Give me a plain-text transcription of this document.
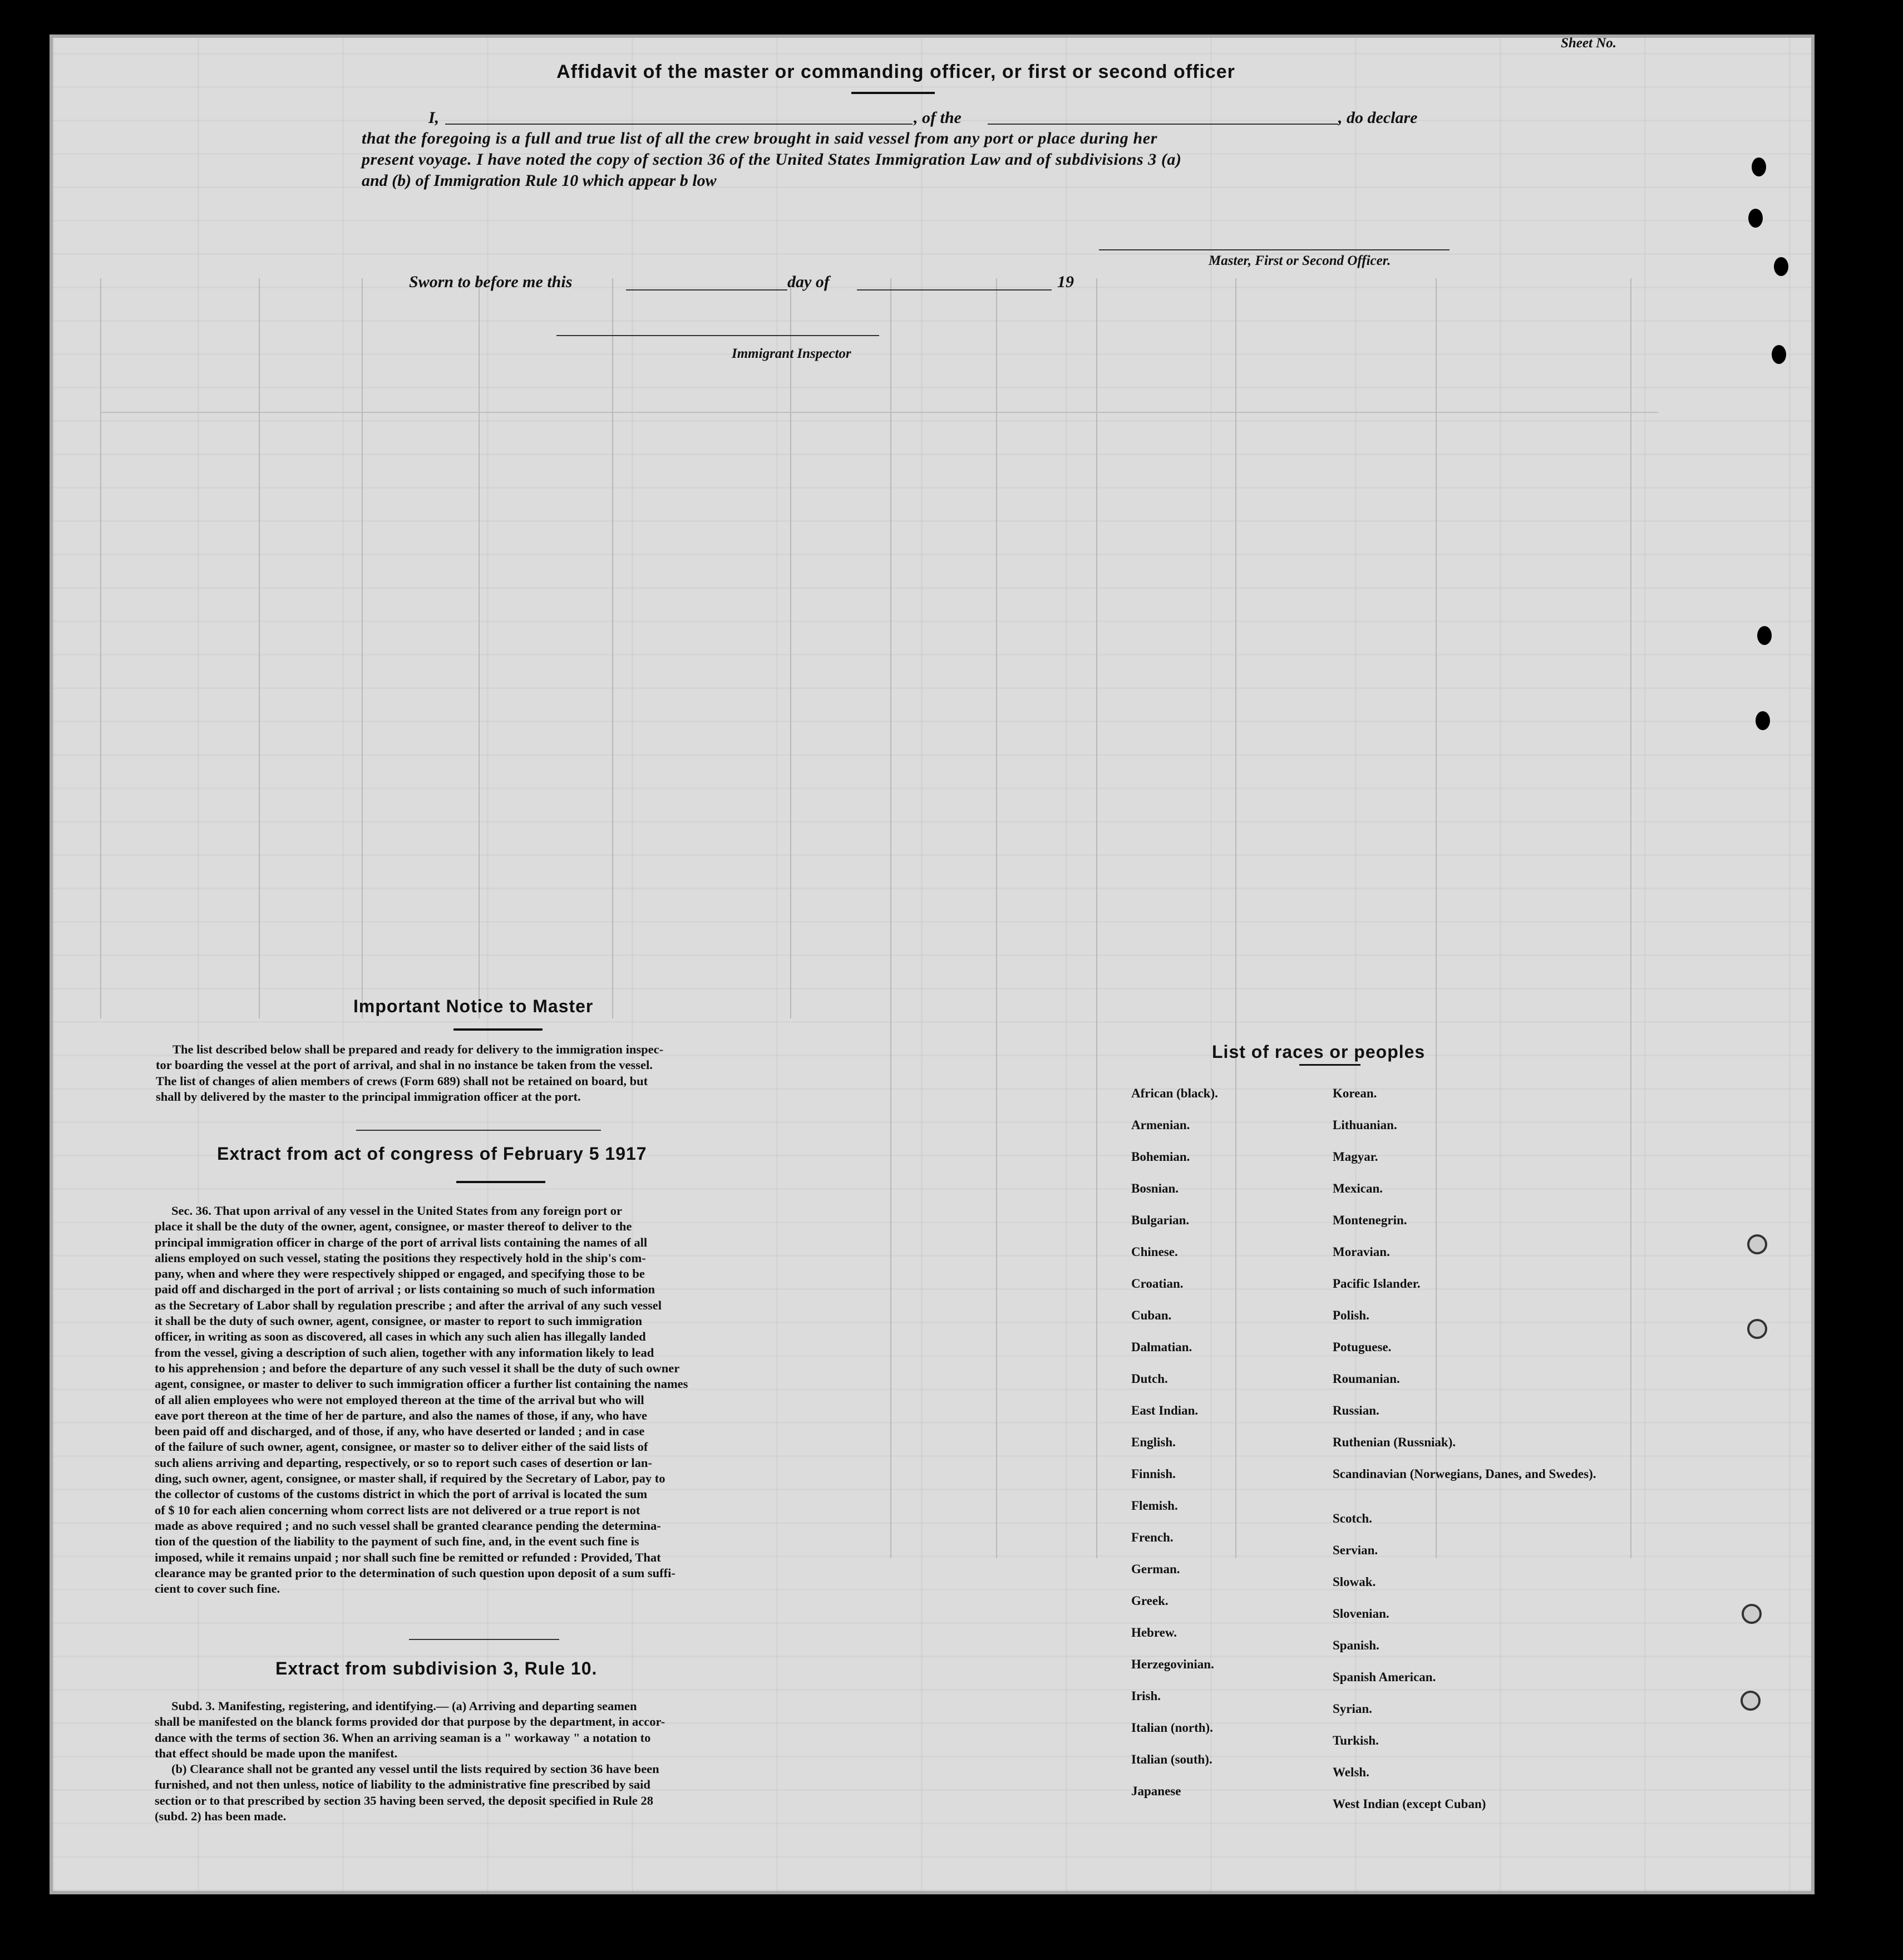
Sheet No.
Affidavit of the master or commanding officer, or first or second officer
I,	, of the	, do declare
that the foregoing is a full and true list of all the crew brought in said vessel from any port or place during her
present voyage. I have noted the copy of section 36 of the United States Immigration Law and of subdivisions 3 (a)
and (b) of Immigration Rule 10 which appear b low
Master, First or Second Officer.
Sworn to before me this	day of	19
Immigrant Inspector
Important Notice to Master
The list described below shall be prepared and ready for delivery to the immigration inspec-
tor boarding the vessel at the port of arrival, and shal in no instance be taken from the vessel.
The list of changes of alien members of crews (Form 689) shall not be retained on board, but
shall by delivered by the master to the principal immigration officer at the port.
Extract from act of congress of February 5 1917
Sec. 36. That upon arrival of any vessel in the United States from any foreign port or
place it shall be the duty of the owner, agent, consignee, or master thereof to deliver to the
principal immigration officer in charge of the port of arrival lists containing the names of all
aliens employed on such vessel, stating the positions they respectively hold in the ship's com-
pany, when and where they were respectively shipped or engaged, and specifying those to be
paid off and discharged in the port of arrival ; or lists containing so much of such information
as the Secretary of Labor shall by regulation prescribe ; and after the arrival of any such vessel
it shall be the duty of such owner, agent, consignee, or master to report to such immigration
officer, in writing as soon as discovered, all cases in which any such alien has illegally landed
from the vessel, giving a description of such alien, together with any information likely to lead
to his apprehension ; and before the departure of any such vessel it shall be the duty of such owner
agent, consignee, or master to deliver to such immigration officer a further list containing the names
of all alien employees who were not employed thereon at the time of the arrival but who will
eave port thereon at the time of her de parture, and also the names of those, if any, who have
been paid off and discharged, and of those, if any, who have deserted or landed ; and in case
of the failure of such owner, agent, consignee, or master so to deliver either of the said lists of
such aliens arriving and departing, respectively, or so to report such cases of desertion or lan-
ding, such owner, agent, consignee, or master shall, if required by the Secretary of Labor, pay to
the collector of customs of the customs district in which the port of arrival is located the sum
of $ 10 for each alien concerning whom correct lists are not delivered or a true report is not
made as above required ; and no such vessel shall be granted clearance pending the determina-
tion of the question of the liability to the payment of such fine, and, in the event such fine is
imposed, while it remains unpaid ; nor shall such fine be remitted or refunded : Provided, That
clearance may be granted prior to the determination of such question upon deposit of a sum suffi-
cient to cover such fine.
Extract from subdivision 3, Rule 10.
Subd. 3. Manifesting, registering, and identifying.— (a) Arriving and departing seamen
shall be manifested on the blanck forms provided dor that purpose by the department, in accor-
dance with the terms of section 36. When an arriving seaman is a " workaway " a notation to
that effect should be made upon the manifest.
(b) Clearance shall not be granted any vessel until the lists required by section 36 have been
furnished, and not then unless, notice of liability to the administrative fine prescribed by said
section or to that prescribed by section 35 having been served, the deposit specified in Rule 28
(subd. 2) has been made.
List of races or peoples
African (black).
Armenian.
Bohemian.
Bosnian.
Bulgarian.
Chinese.
Croatian.
Cuban.
Dalmatian.
Dutch.
East Indian.
English.
Finnish.
Flemish.
French.
German.
Greek.
Hebrew.
Herzegovinian.
Irish.
Italian (north).
Italian (south).
Japanese
Korean.
Lithuanian.
Magyar.
Mexican.
Montenegrin.
Moravian.
Pacific Islander.
Polish.
Potuguese.
Roumanian.
Russian.
Ruthenian (Russniak).
Scandinavian (Norwegians, Danes, and Swedes).
Scotch.
Servian.
Slowak.
Slovenian.
Spanish.
Spanish American.
Syrian.
Turkish.
Welsh.
West Indian (except Cuban)
